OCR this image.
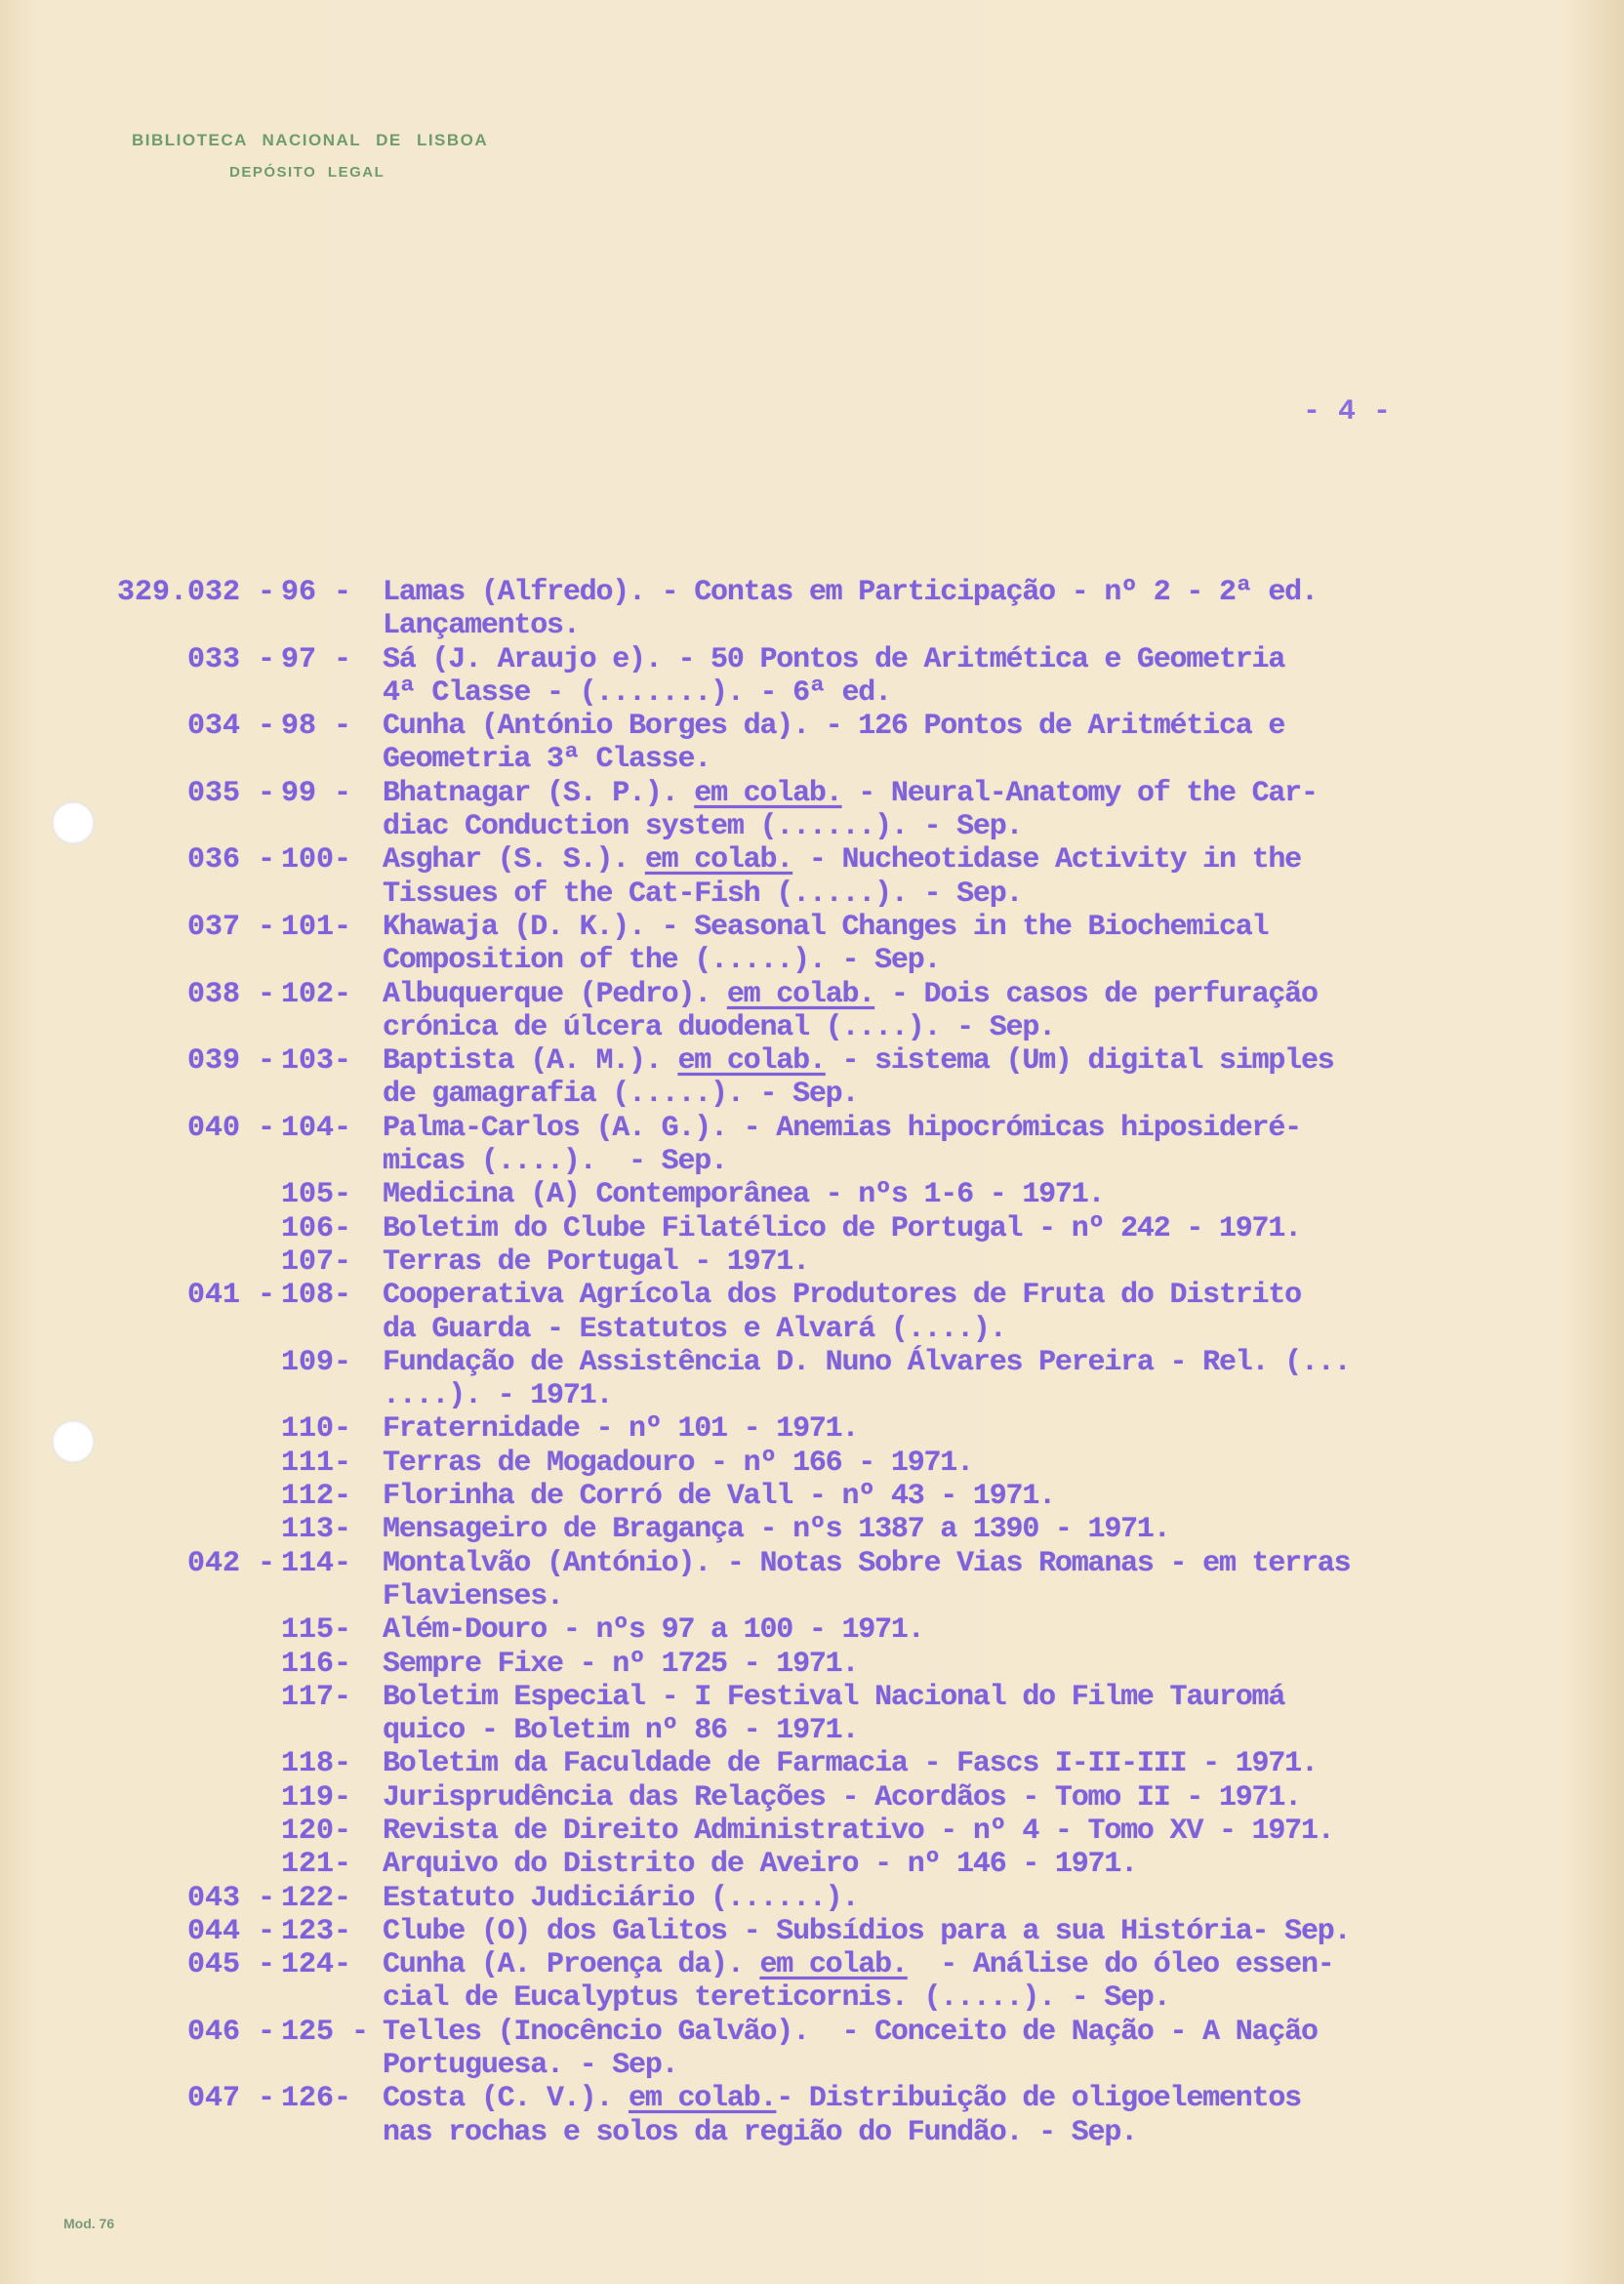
BIBLIOTECA NACIONAL DE LISBOA
DEPÓSITO LEGAL
- 4 -
329.032 - 96 - Lamas (Alfredo). - Contas em Participação - nº 2 - 2ª ed.
Lançamentos.
033 - 97 - Sá (J. Araujo e). - 50 Pontos de Aritmética e Geometria
4ª Classe - (.......). - 6ª ed.
034 - 98 - Cunha (António Borges da). - 126 Pontos de Aritmética e
Geometria 3ª Classe.
035 - 99 - Bhatnagar (S. P.). em colab. - Neural-Anatomy of the Car-
diac Conduction system (......). - Sep.
036 - 100- Asghar (S. S.). em colab. - Nucheotidase Activity in the
Tissues of the Cat-Fish (.....). - Sep.
037 - 101- Khawaja (D. K.). - Seasonal Changes in the Biochemical
Composition of the (.....). - Sep.
038 - 102- Albuquerque (Pedro). em colab. - Dois casos de perfuração
crónica de úlcera duodenal (....). - Sep.
039 - 103- Baptista (A. M.). em colab. - sistema (Um) digital simples
de gamagrafia (.....). - Sep.
040 - 104- Palma-Carlos (A. G.). - Anemias hipocrómicas hiposideré-
micas (....).  - Sep.
105- Medicina (A) Contemporânea - nºs 1-6 - 1971.
106- Boletim do Clube Filatélico de Portugal - nº 242 - 1971.
107- Terras de Portugal - 1971.
041 - 108- Cooperativa Agrícola dos Produtores de Fruta do Distrito
da Guarda - Estatutos e Alvará (....).
109- Fundação de Assistência D. Nuno Álvares Pereira - Rel. (...
....). - 1971.
110- Fraternidade - nº 101 - 1971.
111- Terras de Mogadouro - nº 166 - 1971.
112- Florinha de Corró de Vall - nº 43 - 1971.
113- Mensageiro de Bragança - nºs 1387 a 1390 - 1971.
042 - 114- Montalvão (António). - Notas Sobre Vias Romanas - em terras
Flavienses.
115- Além-Douro - nºs 97 a 100 - 1971.
116- Sempre Fixe - nº 1725 - 1971.
117- Boletim Especial - I Festival Nacional do Filme Tauromá
quico - Boletim nº 86 - 1971.
118- Boletim da Faculdade de Farmacia - Fascs I-II-III - 1971.
119- Jurisprudência das Relações - Acordãos - Tomo II - 1971.
120- Revista de Direito Administrativo - nº 4 - Tomo XV - 1971.
121- Arquivo do Distrito de Aveiro - nº 146 - 1971.
043 - 122- Estatuto Judiciário (......).
044 - 123- Clube (O) dos Galitos - Subsídios para a sua História- Sep.
045 - 124- Cunha (A. Proença da). em colab.  - Análise do óleo essen-
cial de Eucalyptus tereticornis. (.....). - Sep.
046 - 125 - Telles (Inocêncio Galvão).  - Conceito de Nação - A Nação
Portuguesa. - Sep.
047 - 126- Costa (C. V.). em colab.- Distribuição de oligoelementos
nas rochas e solos da região do Fundão. - Sep.
Mod. 76
